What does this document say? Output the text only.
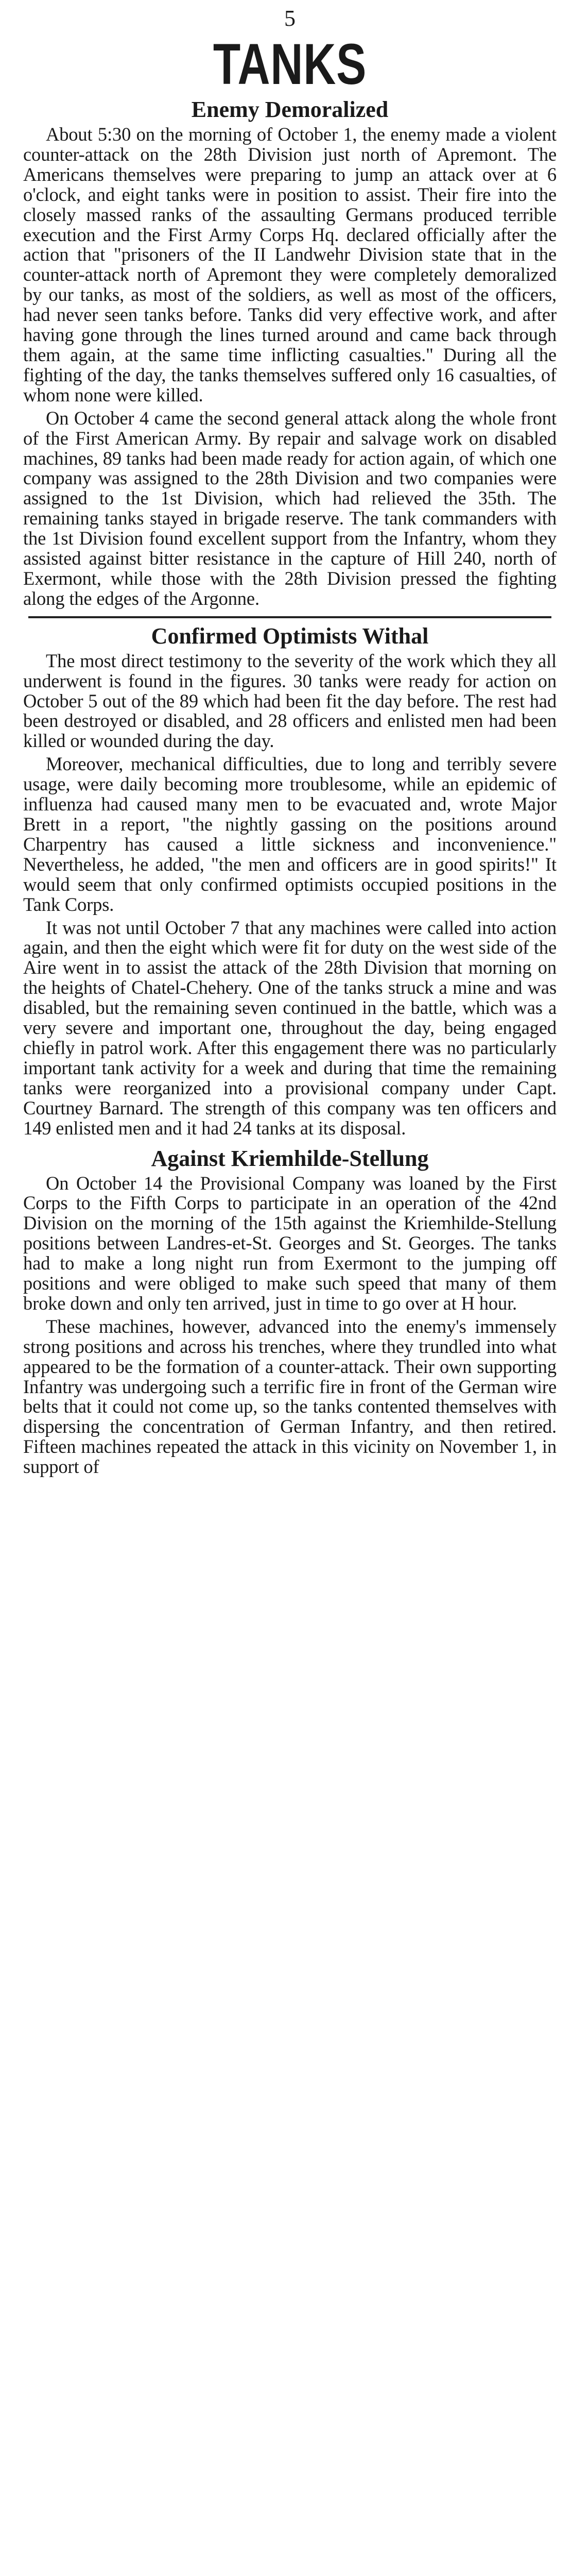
5
TANKS
Enemy Demoralized

About 5:30 on the morning of October 1, the enemy made a violent counter-attack on the 28th Division just north of Apremont. The Americans themselves were preparing to jump an attack over at 6 o'clock, and eight tanks were in position to assist. Their fire into the closely massed ranks of the assaulting Germans produced terrible execution and the First Army Corps Hq. declared officially after the action that "prisoners of the II Landwehr Division state that in the counter-attack north of Apremont they were completely demoralized by our tanks, as most of the soldiers, as well as most of the officers, had never seen tanks before. Tanks did very effective work, and after having gone through the lines turned around and came back through them again, at the same time inflicting casualties." During all the fighting of the day, the tanks themselves suffered only 16 casualties, of whom none were killed.

On October 4 came the second general attack along the whole front of the First American Army. By repair and salvage work on disabled machines, 89 tanks had been made ready for action again, of which one company was assigned to the 28th Division and two companies were assigned to the 1st Division, which had relieved the 35th. The remaining tanks stayed in brigade reserve. The tank commanders with the 1st Division found excellent support from the Infantry, whom they assisted against bitter resistance in the capture of Hill 240, north of Exermont, while those with the 28th Division pressed the fighting along the edges of the Argonne.

Confirmed Optimists Withal

The most direct testimony to the severity of the work which they all underwent is found in the figures. 30 tanks were ready for action on October 5 out of the 89 which had been fit the day before. The rest had been destroyed or disabled, and 28 officers and enlisted men had been killed or wounded during the day.

Moreover, mechanical difficulties, due to long and terribly severe usage, were daily becoming more troublesome, while an epidemic of influenza had caused many men to be evacuated and, wrote Major Brett in a report, "the nightly gassing on the positions around Charpentry has caused a little sickness and inconvenience." Nevertheless, he added, "the men and officers are in good spirits!" It would seem that only confirmed optimists occupied positions in the Tank Corps.

It was not until October 7 that any machines were called into action again, and then the eight which were fit for duty on the west side of the Aire went in to assist the attack of the 28th Division that morning on the heights of Chatel-Chehery. One of the tanks struck a mine and was disabled, but the remaining seven continued in the battle, which was a very severe and important one, throughout the day, being engaged chiefly in patrol work. After this engagement there was no particularly important tank activity for a week and during that time the remaining tanks were reorganized into a provisional company under Capt. Courtney Barnard. The strength of this company was ten officers and 149 enlisted men and it had 24 tanks at its disposal.

Against Kriemhilde-Stellung

On October 14 the Provisional Company was loaned by the First Corps to the Fifth Corps to participate in an operation of the 42nd Division on the morning of the 15th against the Kriemhilde-Stellung positions between Landres-et-St. Georges and St. Georges. The tanks had to make a long night run from Exermont to the jumping off positions and were obliged to make such speed that many of them broke down and only ten arrived, just in time to go over at H hour.

These machines, however, advanced into the enemy's immensely strong positions and across his trenches, where they trundled into what appeared to be the formation of a counter-attack. Their own supporting Infantry was undergoing such a terrific fire in front of the German wire belts that it could not come up, so the tanks contented themselves with dispersing the concentration of German Infantry, and then retired. Fifteen machines repeated the attack in this vicinity on November 1, in support of
